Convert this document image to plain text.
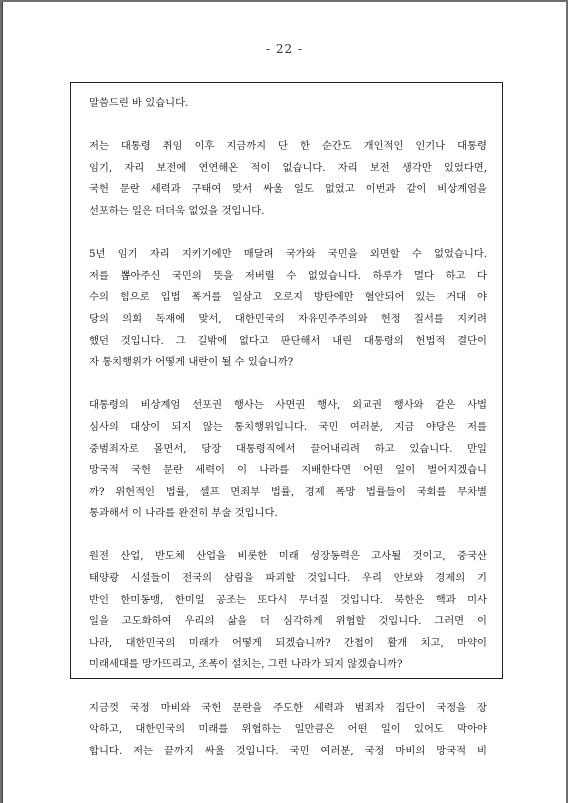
- 22 -
말씀드린 바 있습니다.
저는 대통령 취임 이후 지금까지 단 한 순간도 개인적인 인기나 대통령
임기, 자리 보전에 연연해온 적이 없습니다. 자리 보전 생각만 있었다면,
국헌 문란 세력과 구태여 맞서 싸울 일도 없었고 이번과 같이 비상계엄을
선포하는 일은 더더욱 없었을 것입니다.
5년 임기 자리 지키기에만 매달려 국가와 국민을 외면할 수 없었습니다.
저를 뽑아주신 국민의 뜻을 저버릴 수 없었습니다. 하루가 멀다 하고 다
수의 힘으로 입법 폭거를 일삼고 오로지 방탄에만 혈안되어 있는 거대 야
당의 의회 독재에 맞서, 대한민국의 자유민주주의와 헌정 질서를 지키려
했던 것입니다. 그 길밖에 없다고 판단해서 내린 대통령의 헌법적 결단이
자 통치행위가 어떻게 내란이 될 수 있습니까?
대통령의 비상계엄 선포권 행사는 사면권 행사, 외교권 행사와 같은 사법
심사의 대상이 되지 않는 통치행위입니다. 국민 여러분, 지금 야당은 저를
중범죄자로 몰면서, 당장 대통령직에서 끌어내리려 하고 있습니다. 만일
망국적 국헌 문란 세력이 이 나라를 지배한다면 어떤 일이 벌어지겠습니
까? 위헌적인 법률, 셀프 면죄부 법률, 경제 폭망 법률들이 국회를 무차별
통과해서 이 나라를 완전히 부술 것입니다.
원전 산업, 반도체 산업을 비롯한 미래 성장동력은 고사될 것이고, 중국산
태양광 시설들이 전국의 삼림을 파괴할 것입니다. 우리 안보와 경제의 기
반인 한미동맹, 한미일 공조는 또다시 무너질 것입니다. 북한은 핵과 미사
일을 고도화하여 우리의 삶을 더 심각하게 위협할 것입니다. 그러면 이
나라, 대한민국의 미래가 어떻게 되겠습니까? 간첩이 활개 치고, 마약이
미래세대를 망가뜨리고, 조폭이 설치는, 그런 나라가 되지 않겠습니까?
지금껏 국정 마비와 국헌 문란을 주도한 세력과 범죄자 집단이 국정을 장
악하고, 대한민국의 미래를 위협하는 일만큼은 어떤 일이 있어도 막아야
합니다. 저는 끝까지 싸울 것입니다. 국민 여러분, 국정 마비의 망국적 비
